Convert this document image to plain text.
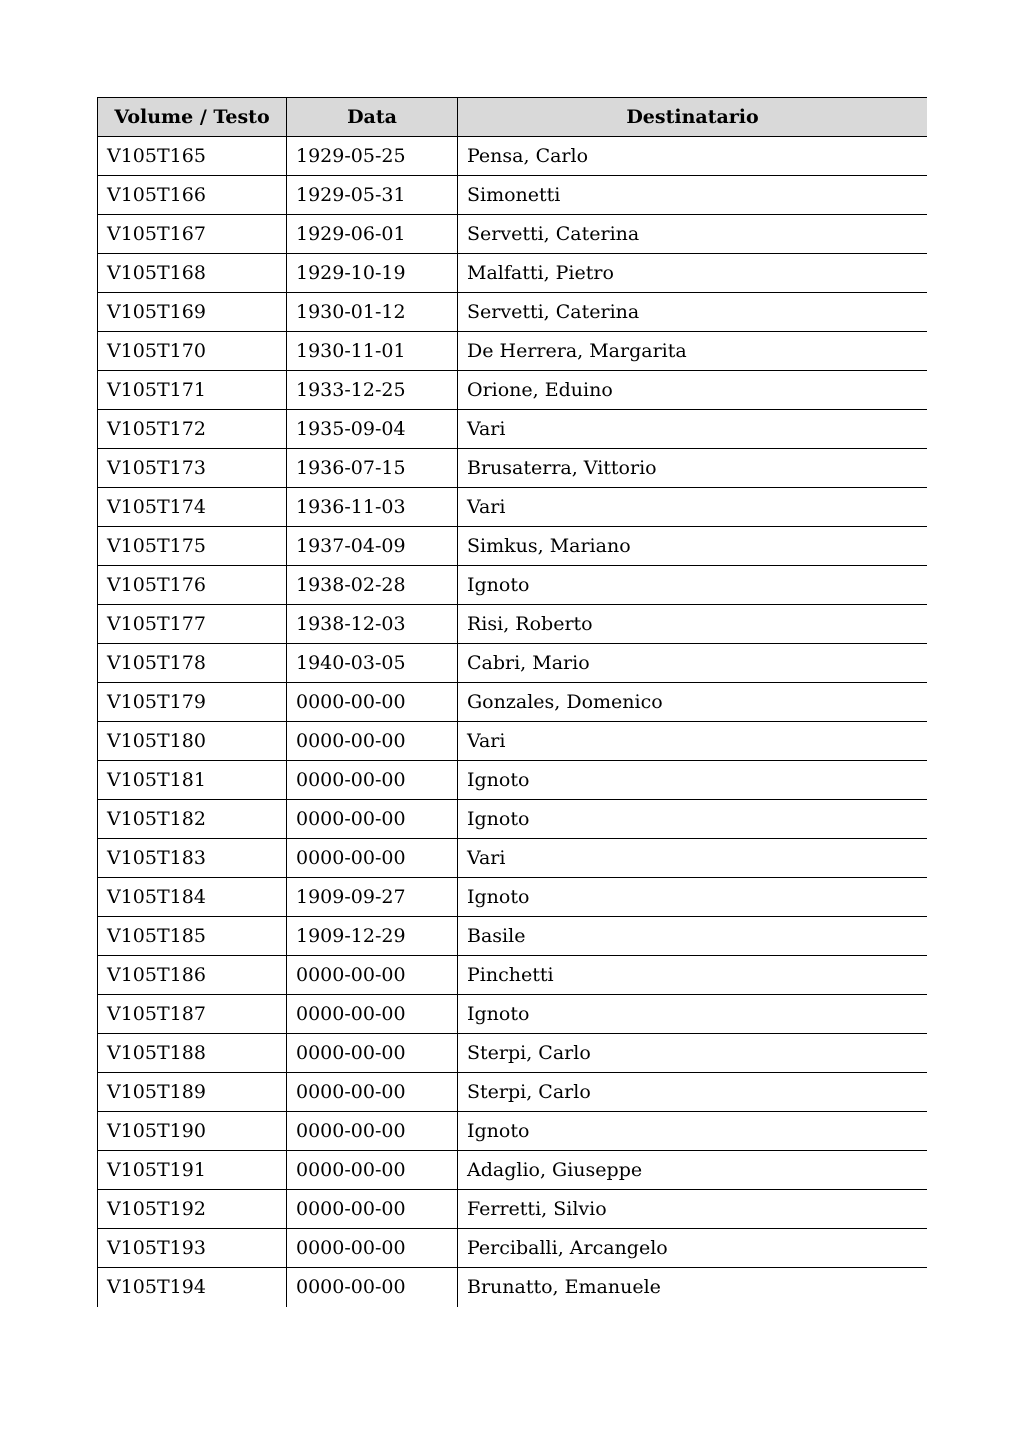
Volume / Testo	Data	Destinatario
V105T165	1929-05-25	Pensa, Carlo
V105T166	1929-05-31	Simonetti
V105T167	1929-06-01	Servetti, Caterina
V105T168	1929-10-19	Malfatti, Pietro
V105T169	1930-01-12	Servetti, Caterina
V105T170	1930-11-01	De Herrera, Margarita
V105T171	1933-12-25	Orione, Eduino
V105T172	1935-09-04	Vari
V105T173	1936-07-15	Brusaterra, Vittorio
V105T174	1936-11-03	Vari
V105T175	1937-04-09	Simkus, Mariano
V105T176	1938-02-28	Ignoto
V105T177	1938-12-03	Risi, Roberto
V105T178	1940-03-05	Cabri, Mario
V105T179	0000-00-00	Gonzales, Domenico
V105T180	0000-00-00	Vari
V105T181	0000-00-00	Ignoto
V105T182	0000-00-00	Ignoto
V105T183	0000-00-00	Vari
V105T184	1909-09-27	Ignoto
V105T185	1909-12-29	Basile
V105T186	0000-00-00	Pinchetti
V105T187	0000-00-00	Ignoto
V105T188	0000-00-00	Sterpi, Carlo
V105T189	0000-00-00	Sterpi, Carlo
V105T190	0000-00-00	Ignoto
V105T191	0000-00-00	Adaglio, Giuseppe
V105T192	0000-00-00	Ferretti, Silvio
V105T193	0000-00-00	Perciballi, Arcangelo
V105T194	0000-00-00	Brunatto, Emanuele
